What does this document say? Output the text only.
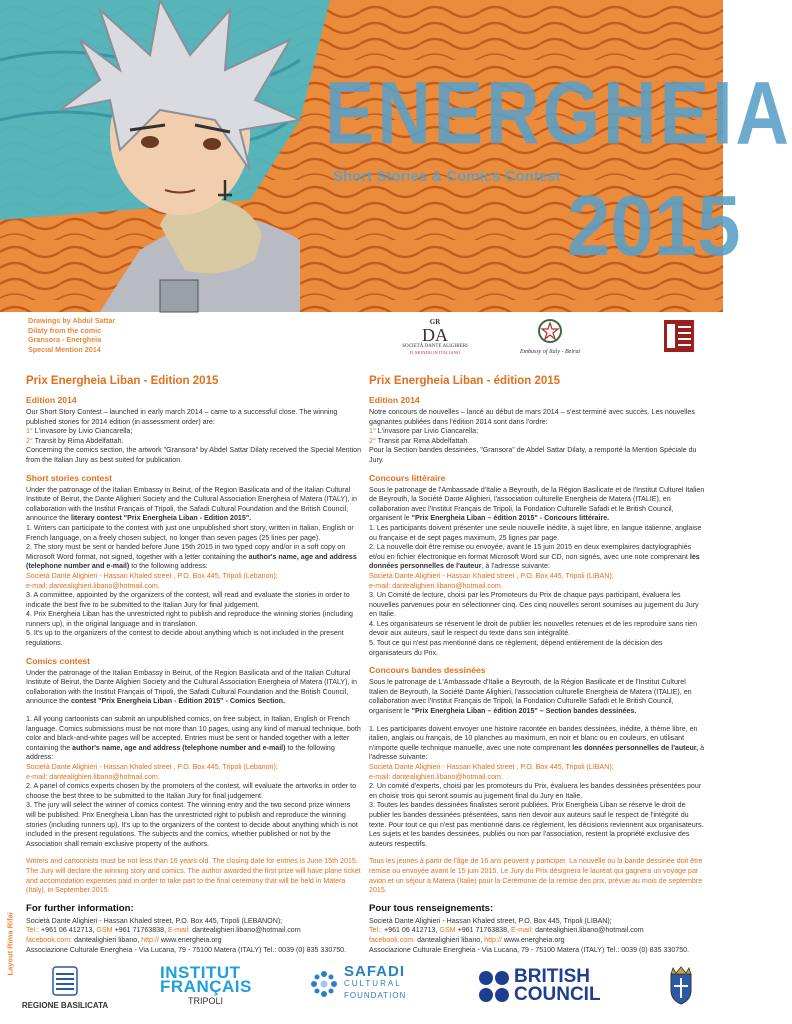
ENERGHEIA
Short Stories & Comics Contest
2015
Drawings by Abdul Sattar
Dilaty from the comic
Gransora - Energheia
Special Mention 2014
GR
DA
SOCIETÀ DANTE ALIGHIERI
IL MONDO IN ITALIANO	Embassy of Italy - Beirut
Prix Energheia Liban - Edition 2015
Edition 2014

Our Short Story Contest – launched in early march 2014 – came to a successful close. The winning published stories for 2014 edition (in assessment order) are:

1° L'invasore by Livio Ciancarella;

2° Transit by Rima Abdelfattah.

Concerning the comics section, the artwork "Gransora" by Abdel Sattar Dilaty received the Special Mention from the Italian Jury as best suited for publication.

Short stories contest

Under the patronage of the Italian Embassy in Beirut, of the Region Basilicata and of the Italian Cultural Institute of Beirut, the Dante Alighieri Society and the Cultural Association Energheia of Matera (ITALY), in collaboration with the Institut Français of Tripoli, the Safadi Cultural Foundation and the British Council, announce the literary contest "Prix Energheia Liban - Edition 2015".

1. Writers can participate to the contest with just one unpublished short story, written in Italian, English or French language, on a freely chosen subject, no longer than seven pages (25 lines per page).

2. The story must be sent or handed before June 15th 2015 in two typed copy and/or in a soft copy on Microsoft Word format, not signed, together with a letter containing the author's name, age and address (telephone number and e-mail) to the following address:

Società Dante Alighieri - Hassan Khaled street , P.O. Box 445, Tripoli (Lebanon);

e-mail: dantealighieri.libano@hotmail.com.

3. A committee, appointed by the organizers of the contest, will read and evaluate the stories in order to indicate the best five to be submitted to the Italian Jury for final judgement.

4. Prix Energheia Liban has the unrestricted right to publish and reproduce the winning stories (including runners up), in the original language and in translation.

5. It's up to the organizers of the contest to decide about anything which is not included in the present regulations.

Comics contest

Under the patronage of the Italian Embassy in Beirut, of the Region Basilicata and of the Italian Cultural Institute of Beirut, the Dante Alighieri Society and the Cultural Association Energheia of Matera (ITALY), in collaboration with the Institut Français of Tripoli, the Safadi Cultural Foundation and the British Council, announce the contest "Prix Energheia Liban - Edition 2015" - Comics Section.

1. All young cartoonists can submit an unpublished comics, on free subject, in Italian, English or French language. Comics submissions must be not more than 10 pages, using any kind of manual technique, both color and black-and-white pages will be accepted. Entries must be sent or handed together with a letter containing the author's name, age and address (telephone number and e-mail) to the following address:

Società Dante Alighieri - Hassan Khaled street , P.O. Box 445, Tripoli (Lebanon);

e-mail: dantealighieri.libano@hotmail.com.

2. A panel of comics experts chosen by the promoters of the contest, will evaluate the artworks in order to choose the best three to be submitted to the Italian Jury for final judgement.

3. The jury will select the winner of comics contest. The winning entry and the two second prize winners will be published. Prix Energheia Liban has the unrestricted right to publish and reproduce the winning stories (including runners up). It's up to the organizers of the contest to decide about anything which is not included in the present regulations. The subjects and the comics, whether published or not by the Association shall remain exclusive property of the authors.

Writers and cartoonists must be not less than 16 years old. The closing date for entries is June 15th 2015. The Jury will declare the winning story and comics. The author awarded the first prize will have plane ticket and accomodation expenses paid in order to take part to the final ceremony that will be held in Matera (Italy), in September 2015.

For further information:

Società Dante Alighieri - Hassan Khaled street, P.O. Box 445, Tripoli (LEBANON);

Tel.: +961 06 412713, GSM +961 71763838, E-mail: dantealighieri.libano@hotmail.com

facebook.com: dantealighieri libano, http:// www.energheia.org

Associazione Culturale Energheia - Via Lucana, 79 - 75100 Matera (ITALY) Tel.: 0039 (0) 835 330750.

Prix Energheia Liban - édition 2015
Edition 2014

Notre concours de nouvelles – lancé au début de mars 2014 – s'est terminé avec succès. Les nouvelles gagnantes publiées dans l'édition 2014 sont dans l'ordre:

1° L'invasore par Livio Ciancarella;

2° Transit par Rima Abdelfattah.

Pour la Section bandes dessinées, "Gransora" de Abdel Sattar Dilaty, a remporté la Mention Spéciale du Jury.

Concours littéraire

Sous le patronage de l'Ambassade d'Italie a Beyrouth, de la Région Basilicate et de l'Institut Culturel Italien de Beyrouth, la Société Dante Alighieri, l'association culturelle Energheia de Matera (ITALIE), en collaboration avec l'Institut Français de Tripoli, la Fondation Culturelle Safadi et le British Council, organisent le "Prix Energheia Liban – édition 2015" - Concours littéraire.

1. Les participants doivent présenter une seule nouvelle inédite, à sujet libre, en langue italienne, anglaise ou française et de sept pages maximum, 25 lignes par page.

2. La nouvelle doit être remise ou envoyée, avant le 15 juin 2015 en deux exemplaires dactylographiés et/ou en fichier électronique en format Microsoft Word sur CD, non signés, avec une note comprenant les données personnelles de l'auteur, à l'adresse suivante:

Società Dante Alighieri - Hassan Khaled street , P.O. Box 445, Tripoli (LIBAN);

e-mail: dantealighieri.libano@hotmail.com.

3. Un Comité de lecture, choisi par les Promoteurs du Prix de chaque pays participant, évaluera les nouvelles parvenues pour en sélectionner cinq. Ces cinq nouvelles seront soumises au jugement du Jury en Italie.

4. Les organisateurs se réservent le droit de publier les nouvelles retenues et de les reproduire sans rien devoir aux auteurs, sauf le respect du texte dans son intégralité.

5. Tout ce qui n'est pas mentionné dans ce règlement, dépend entièrement de la décision des organisateurs du Prix.

Concours bandes dessinées

Sous le patronage de L'Ambassade d'Italie a Beyrouth, de la Région Basilicate et de l'Institut Culturel Italien de Beyrouth, la Société Dante Alighieri, l'association culturelle Energheia de Matera (ITALIE), en collaboration avec l'Institut Français de Tripoli, la Fondation Culturelle Safadi et le British Council, organisent le "Prix Energheia Liban – édition 2015" – Section bandes dessinées.

1. Les participants doivent envoyer une histoire racontée en bandes dessinées, inédite, à thème libre, en italien, anglais ou français, de 10 planches au maximum, en noir et blanc ou en couleurs, en utilisant n'importe quelle technique manuelle, avec une note comprenant les données personnelles de l'auteur, à l'adresse suivante:

Società Dante Alighieri - Hassan Khaled street , P.O. Box 445, Tripoli (LIBAN);

e-mail: dantealighieri.libano@hotmail.com.

2. Un comité d'experts, choisi par les promoteurs du Prix, évaluera les bandes dessinées présentées pour en choisir trois qui seront soumis au jugement final du Jury en Italie.

3. Toutes les bandes dessinées finalistes seront publiées. Prix Energheia Liban se réserve le droit de publier les bandes dessinées présentées, sans rien devoir aux auteurs sauf le respect de l'intégrité du texte. Pour tout ce qui n'est pas mentionné dans ce règlement, les décisions reviennent aux organisateurs. Les sujets et les bandes dessinées, publiés ou non par l'association, restent la propriété exclusive des auteurs respectifs.

Tous les jeunes à partir de l'âge de 16 ans peuvent y participer. La nouvelle ou la bande dessinée doit être remise ou envoyée avant le 15 juin 2015. Le Jury du Prix désignera le lauréat qui gagnera un voyage par avion et un séjour à Matera (Italie) pour la Cérémonie de la remise des prix, prévue au mois de septembre 2015.

Pour tous renseignements:

Società Dante Alighieri - Hassan Khaled street, P.O. Box 445, Tripoli (LIBAN);

Tel.: +961 06 412713, GSM +961 71763838, E-mail: dantealighieri.libano@hotmail.com

facebook.com: dantealighieri libano, http:// www.energheia.org

Associazione Culturale Energheia - Via Lucana, 79 - 75100 Matera (ITALY) Tel.: 0039 (0) 835 330750.

Layout Rima Rifai
REGIONE BASILICATA
INSTITUT
FRANÇAIS
TRIPOLI
SAFADI
CULTURAL
FOUNDATION
BRITISH
COUNCIL
